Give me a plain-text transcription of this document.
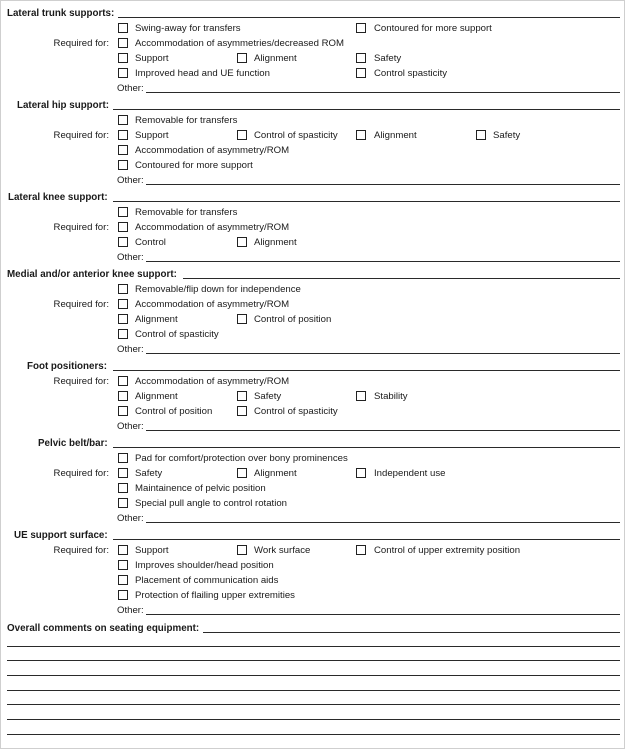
Lateral trunk supports:
Swing-away for transfers	Contoured for more support
Required for:	Accommodation of asymmetries/decreased ROM
Support	Alignment	Safety
Improved head and UE function	Control spasticity
Other:
Lateral hip support:
Removable for transfers
Required for:	Support	Control of spasticity	Alignment	Safety
Accommodation of asymmetry/ROM
Contoured for more support
Other:
Lateral knee support:
Removable for transfers
Required for:	Accommodation of asymmetry/ROM
Control	Alignment
Other:
Medial and/or anterior knee support:
Removable/flip down for independence
Required for:	Accommodation of asymmetry/ROM
Alignment	Control of position
Control of spasticity
Other:
Foot positioners:
Required for:	Accommodation of asymmetry/ROM
Alignment	Safety	Stability
Control of position	Control of spasticity
Other:
Pelvic belt/bar:
Pad for comfort/protection over bony prominences
Required for:	Safety	Alignment	Independent use
Maintainence of pelvic position
Special pull angle to control rotation
Other:
UE support surface:
Required for:	Support	Work surface	Control of upper extremity position
Improves shoulder/head position
Placement of communication aids
Protection of flailing upper extremities
Other:
Overall comments on seating equipment:
